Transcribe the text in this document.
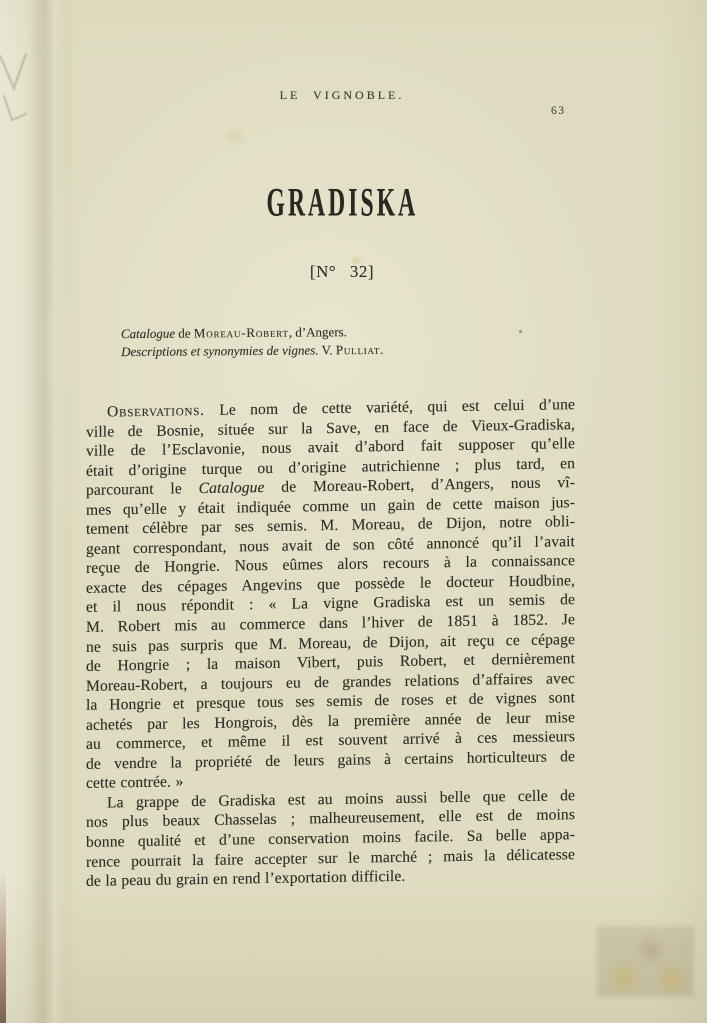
LE VIGNOBLE.
63
GRADISKA
[N° 32]
Catalogue de Moreau-Robert, d’Angers.
Descriptions et synonymies de vignes. V. Pulliat.
Observations. Le nom de cette variété, qui est celui d’une
ville de Bosnie, située sur la Save, en face de Vieux-Gradiska,
ville de l’Esclavonie, nous avait d’abord fait supposer qu’elle
était d’origine turque ou d’origine autrichienne ; plus tard, en
parcourant le Catalogue de Moreau-Robert, d’Angers, nous vî-
mes qu’elle y était indiquée comme un gain de cette maison jus-
tement célèbre par ses semis. M. Moreau, de Dijon, notre obli-
geant correspondant, nous avait de son côté annoncé qu’il l’avait
reçue de Hongrie. Nous eûmes alors recours à la connaissance
exacte des cépages Angevins que possède le docteur Houdbine,
et il nous répondit : « La vigne Gradiska est un semis de
M. Robert mis au commerce dans l’hiver de 1851 à 1852. Je
ne suis pas surpris que M. Moreau, de Dijon, ait reçu ce cépage
de Hongrie ; la maison Vibert, puis Robert, et dernièrement
Moreau-Robert, a toujours eu de grandes relations d’affaires avec
la Hongrie et presque tous ses semis de roses et de vignes sont
achetés par les Hongrois, dès la première année de leur mise
au commerce, et même il est souvent arrivé à ces messieurs
de vendre la propriété de leurs gains à certains horticulteurs de
cette contrée. »
La grappe de Gradiska est au moins aussi belle que celle de
nos plus beaux Chasselas ; malheureusement, elle est de moins
bonne qualité et d’une conservation moins facile. Sa belle appa-
rence pourrait la faire accepter sur le marché ; mais la délicatesse
de la peau du grain en rend l’exportation difficile.
